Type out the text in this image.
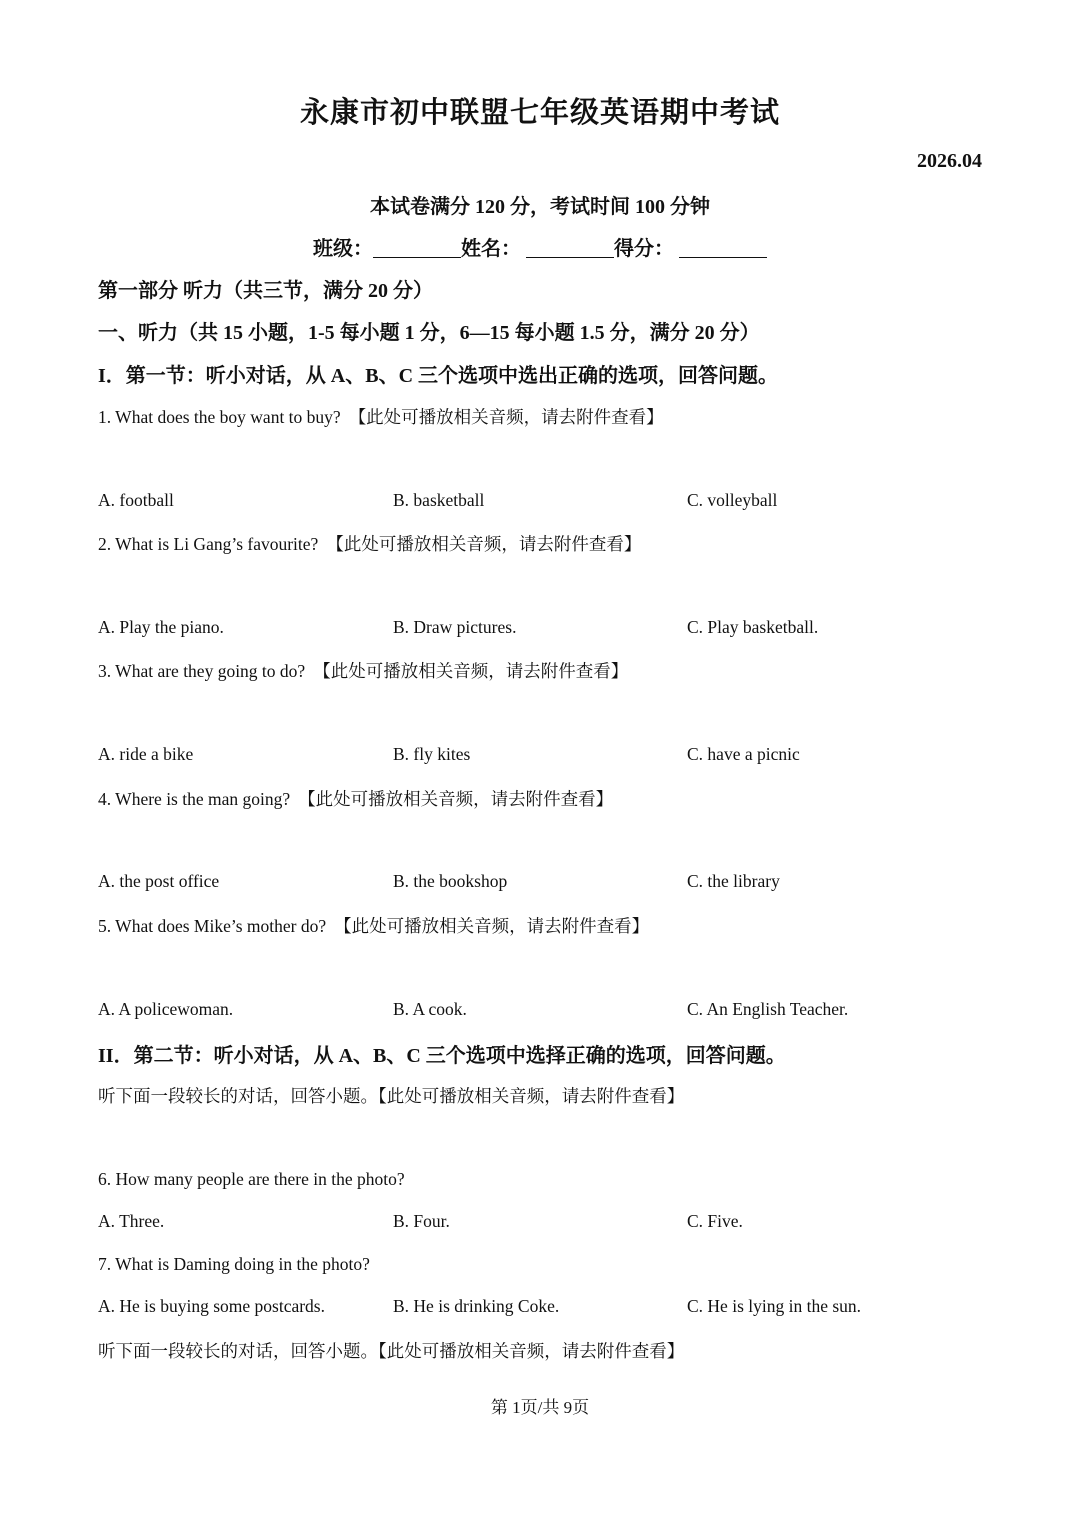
永康市初中联盟七年级英语期中考试
2026.04
本试卷满分 120 分，考试时间 100 分钟
班级：	姓名：	得分：
第一部分 听力（共三节，满分 20 分）
一、听力（共 15 小题，1-5 每小题 1 分，6—15 每小题 1.5 分，满分 20 分）
I．第一节：听小对话，从 A、B、C 三个选项中选出正确的选项，回答问题。
1. What does the boy want to buy? 【此处可播放相关音频，请去附件查看】
A. football	B. basketball	C. volleyball
2. What is Li Gang’s favourite? 【此处可播放相关音频，请去附件查看】
A. Play the piano.	B. Draw pictures.	C. Play basketball.
3. What are they going to do? 【此处可播放相关音频，请去附件查看】
A. ride a bike	B. fly kites	C. have a picnic
4. Where is the man going? 【此处可播放相关音频，请去附件查看】
A. the post office	B. the bookshop	C. the library
5. What does Mike’s mother do? 【此处可播放相关音频，请去附件查看】
A. A policewoman.	B. A cook.	C. An English Teacher.
II．第二节：听小对话，从 A、B、C 三个选项中选择正确的选项，回答问题。
听下面一段较长的对话，回答小题。【此处可播放相关音频，请去附件查看】
6. How many people are there in the photo?
A. Three.	B. Four.	C. Five.
7. What is Daming doing in the photo?
A. He is buying some postcards.	B. He is drinking Coke.	C. He is lying in the sun.
听下面一段较长的对话，回答小题。【此处可播放相关音频，请去附件查看】
第 1页/共 9页
